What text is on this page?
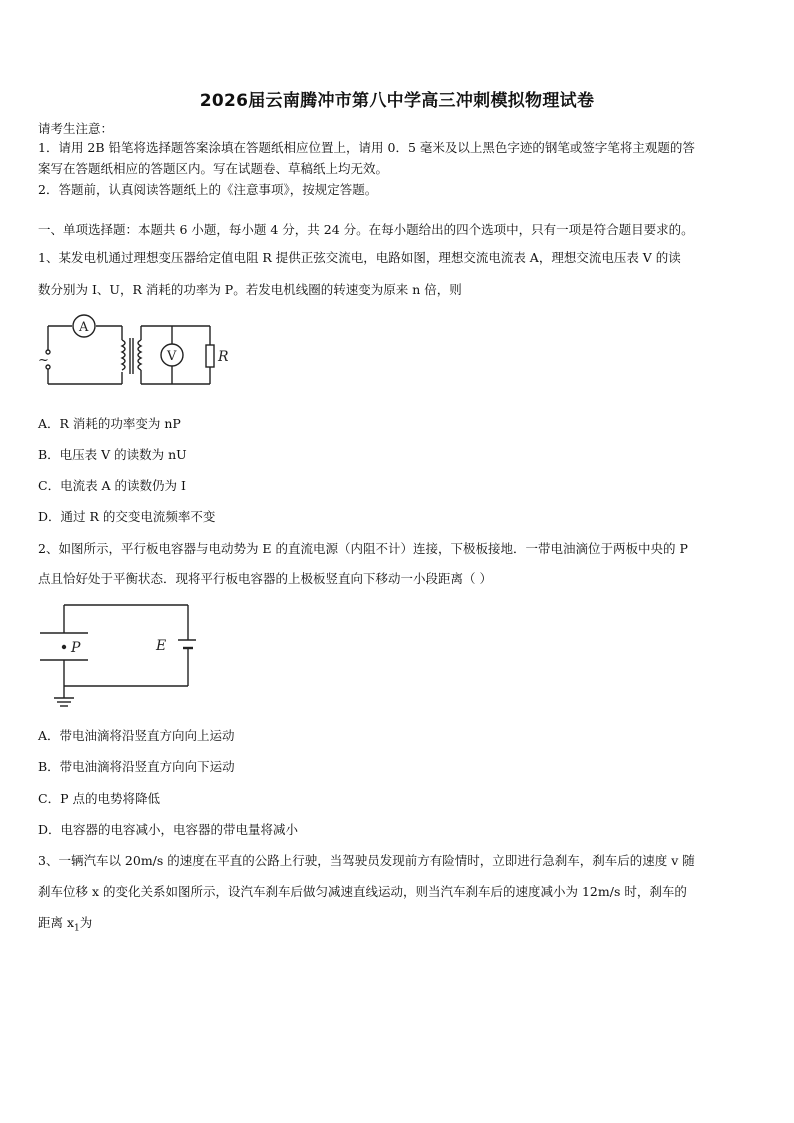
2026届云南腾冲市第八中学高三冲刺模拟物理试卷
请考生注意：
1．请用 2B 铅笔将选择题答案涂填在答题纸相应位置上，请用 0．5 毫米及以上黑色字迹的钢笔或签字笔将主观题的答
案写在答题纸相应的答题区内。写在试题卷、草稿纸上均无效。
2．答题前，认真阅读答题纸上的《注意事项》，按规定答题。
一、单项选择题：本题共 6 小题，每小题 4 分，共 24 分。在每小题给出的四个选项中，只有一项是符合题目要求的。
1、某发电机通过理想变压器给定值电阻 R 提供正弦交流电，电路如图，理想交流电流表 A，理想交流电压表 V 的读
数分别为 I、U，R 消耗的功率为 P。若发电机线圈的转速变为原来 n 倍，则
A
V	R
~
A．R 消耗的功率变为 nP
B．电压表 V 的读数为 nU
C．电流表 A 的读数仍为 I
D．通过 R 的交变电流频率不变
2、如图所示，平行板电容器与电动势为 E 的直流电源（内阻不计）连接，下极板接地．一带电油滴位于两板中央的 P
点且恰好处于平衡状态．现将平行板电容器的上极板竖直向下移动一小段距离（ ）
P	E
A．带电油滴将沿竖直方向向上运动
B．带电油滴将沿竖直方向向下运动
C．P 点的电势将降低
D．电容器的电容减小，电容器的带电量将减小
3、一辆汽车以 20m/s 的速度在平直的公路上行驶，当驾驶员发现前方有险情时，立即进行急刹车，刹车后的速度 v 随
刹车位移 x 的变化关系如图所示，设汽车刹车后做匀减速直线运动，则当汽车刹车后的速度减小为 12m/s 时，刹车的
距离 $x_1$为
